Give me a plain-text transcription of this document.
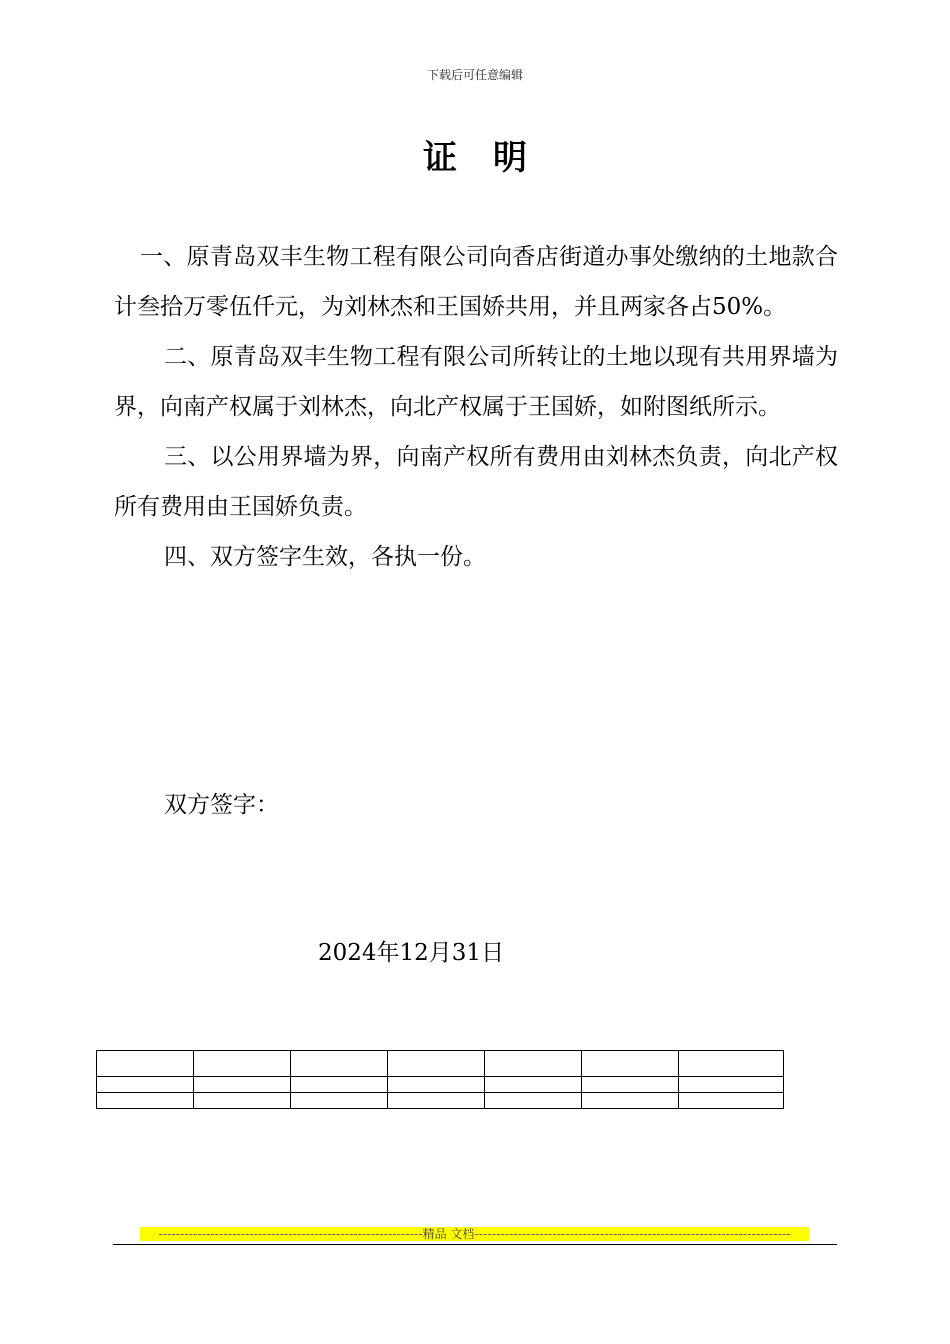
下载后可任意编辑
证明

一、原青岛双丰生物工程有限公司向香店街道办事处缴纳的土地款合计叁拾万零伍仟元，为刘林杰和王国娇共用，并且两家各占50%。

二、原青岛双丰生物工程有限公司所转让的土地以现有共用界墙为界，向南产权属于刘林杰，向北产权属于王国娇，如附图纸所示。

三、以公用界墙为界，向南产权所有费用由刘林杰负责，向北产权所有费用由王国娇负责。

四、双方签字生效，各执一份。

双方签字：
2024年12月31日

-------------------------------------------------------------精品 文档-------------------------------------------------------------------------
